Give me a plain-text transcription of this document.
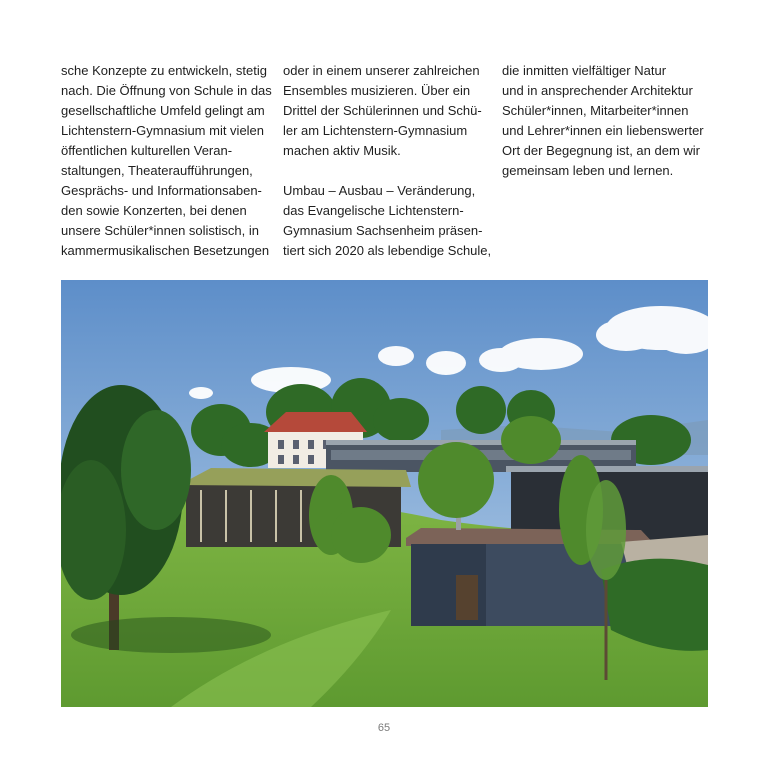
sche Konzepte zu entwickeln, stetig
nach. Die Öffnung von Schule in das
gesellschaftliche Umfeld gelingt am
Lichtenstern-Gymnasium mit vielen
öffentlichen kulturellen Veran-
staltungen, Theateraufführungen,
Gesprächs- und Informationsaben-
den sowie Konzerten, bei denen
unsere Schüler*innen solistisch, in
kammermusikalischen Besetzungen
oder in einem unserer zahlreichen
Ensembles musizieren. Über ein
Drittel der Schülerinnen und Schü-
ler am Lichtenstern-Gymnasium
machen aktiv Musik.
Umbau – Ausbau – Veränderung,
das Evangelische Lichtenstern-
Gymnasium Sachsenheim präsen-
tiert sich 2020 als lebendige Schule,
die inmitten vielfältiger Natur
und in ansprechender Architektur
Schüler*innen, Mitarbeiter*innen
und Lehrer*innen ein liebenswerter
Ort der Begegnung ist, an dem wir
gemeinsam leben und lernen.
65
